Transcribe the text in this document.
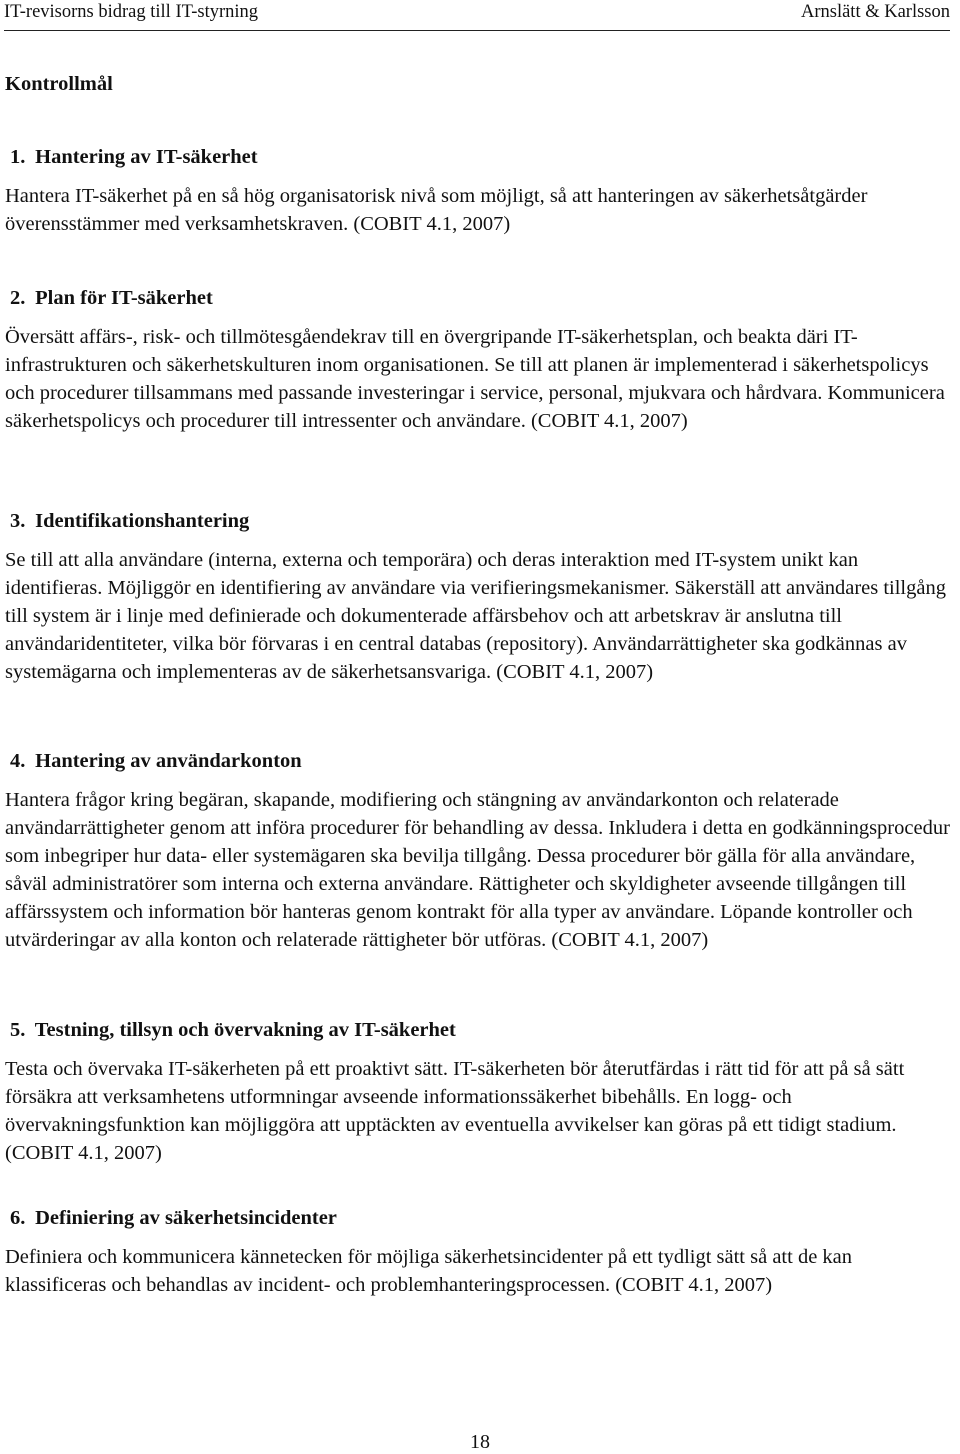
IT-revisorns bidrag till IT-styrning	Arnslätt & Karlsson
Kontrollmål
1. Hantering av IT-säkerhet

Hantera IT-säkerhet på en så hög organisatorisk nivå som möjligt, så att hanteringen av säkerhetsåtgärder överensstämmer med verksamhetskraven. (COBIT 4.1, 2007)

2. Plan för IT-säkerhet

Översätt affärs-, risk- och tillmötesgåendekrav till en övergripande IT-säkerhetsplan, och beakta däri IT-infrastrukturen och säkerhetskulturen inom organisationen. Se till att planen är implementerad i säkerhetspolicys och procedurer tillsammans med passande investeringar i service, personal, mjukvara och hårdvara. Kommunicera säkerhetspolicys och procedurer till intressenter och användare. (COBIT 4.1, 2007)

3. Identifikationshantering

Se till att alla användare (interna, externa och temporära) och deras interaktion med IT-system unikt kan identifieras. Möjliggör en identifiering av användare via verifieringsmekanismer. Säkerställ att användares tillgång till system är i linje med definierade och dokumenterade affärsbehov och att arbetskrav är anslutna till användaridentiteter, vilka bör förvaras i en central databas (repository). Användarrättigheter ska godkännas av systemägarna och implementeras av de säkerhetsansvariga. (COBIT 4.1, 2007)

4. Hantering av användarkonton

Hantera frågor kring begäran, skapande, modifiering och stängning av användarkonton och relaterade användarrättigheter genom att införa procedurer för behandling av dessa. Inkludera i detta en godkänningsprocedur som inbegriper hur data- eller systemägaren ska bevilja tillgång. Dessa procedurer bör gälla för alla användare, såväl administratörer som interna och externa användare. Rättigheter och skyldigheter avseende tillgången till affärssystem och information bör hanteras genom kontrakt för alla typer av användare. Löpande kontroller och utvärderingar av alla konton och relaterade rättigheter bör utföras. (COBIT 4.1, 2007)

5. Testning, tillsyn och övervakning av IT-säkerhet

Testa och övervaka IT-säkerheten på ett proaktivt sätt. IT-säkerheten bör återutfärdas i rätt tid för att på så sätt försäkra att verksamhetens utformningar avseende informationssäkerhet bibehålls. En logg- och övervakningsfunktion kan möjliggöra att upptäckten av eventuella avvikelser kan göras på ett tidigt stadium. (COBIT 4.1, 2007)

6. Definiering av säkerhetsincidenter

Definiera och kommunicera kännetecken för möjliga säkerhetsincidenter på ett tydligt sätt så att de kan klassificeras och behandlas av incident- och problemhanteringsprocessen. (COBIT 4.1, 2007)

18
